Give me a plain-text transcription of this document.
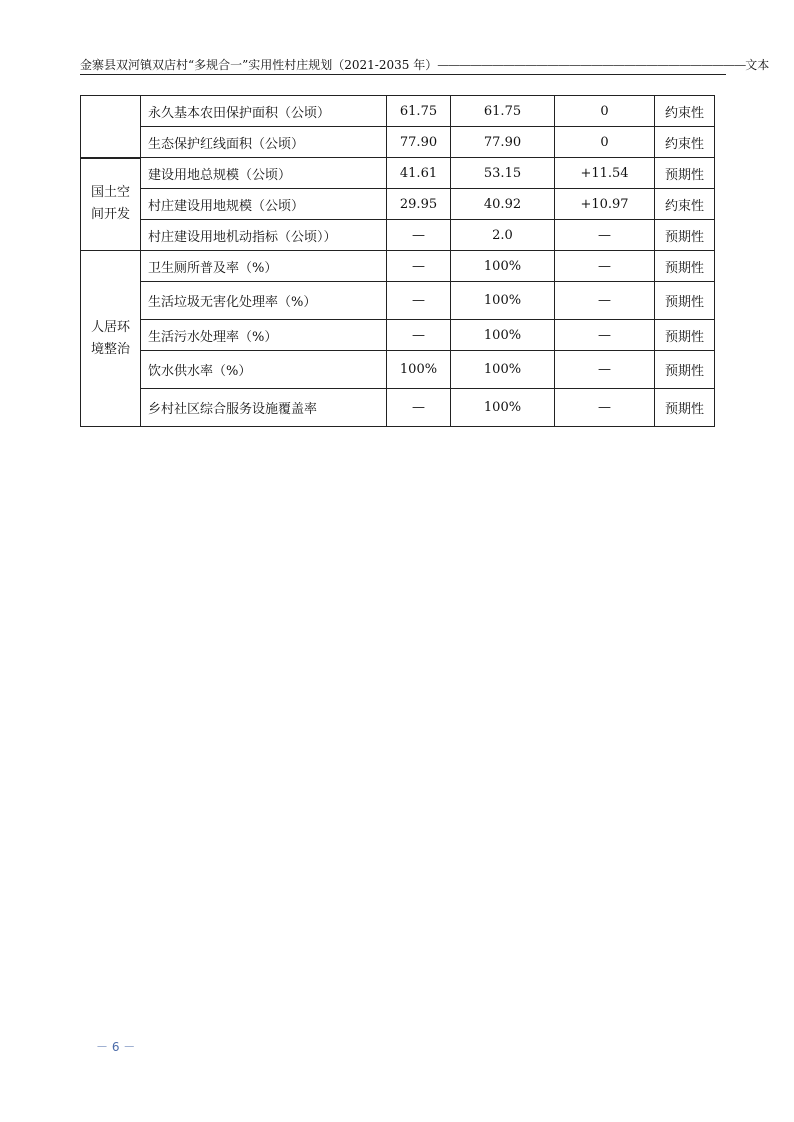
金寨县双河镇双店村“多规合一”实用性村庄规划（2021-2035 年） ———————————————————————————— 文本
	永久基本农田保护面积（公顷）	61.75	61.75	0	约束性
	生态保护红线面积（公顷）	77.90	77.90	0	约束性
国土空间开发	建设用地总规模（公顷）	41.61	53.15	+11.54	预期性
	村庄建设用地规模（公顷）	29.95	40.92	+10.97	约束性
	村庄建设用地机动指标（公顷））	—	2.0	—	预期性
人居环境整治	卫生厕所普及率（%）	—	100%	—	预期性
	生活垃圾无害化处理率（%）	—	100%	—	预期性
	生活污水处理率（%）	—	100%	—	预期性
	饮水供水率（%）	100%	100%	—	预期性
	乡村社区综合服务设施覆盖率	—	100%	—	预期性
－ 6 －
